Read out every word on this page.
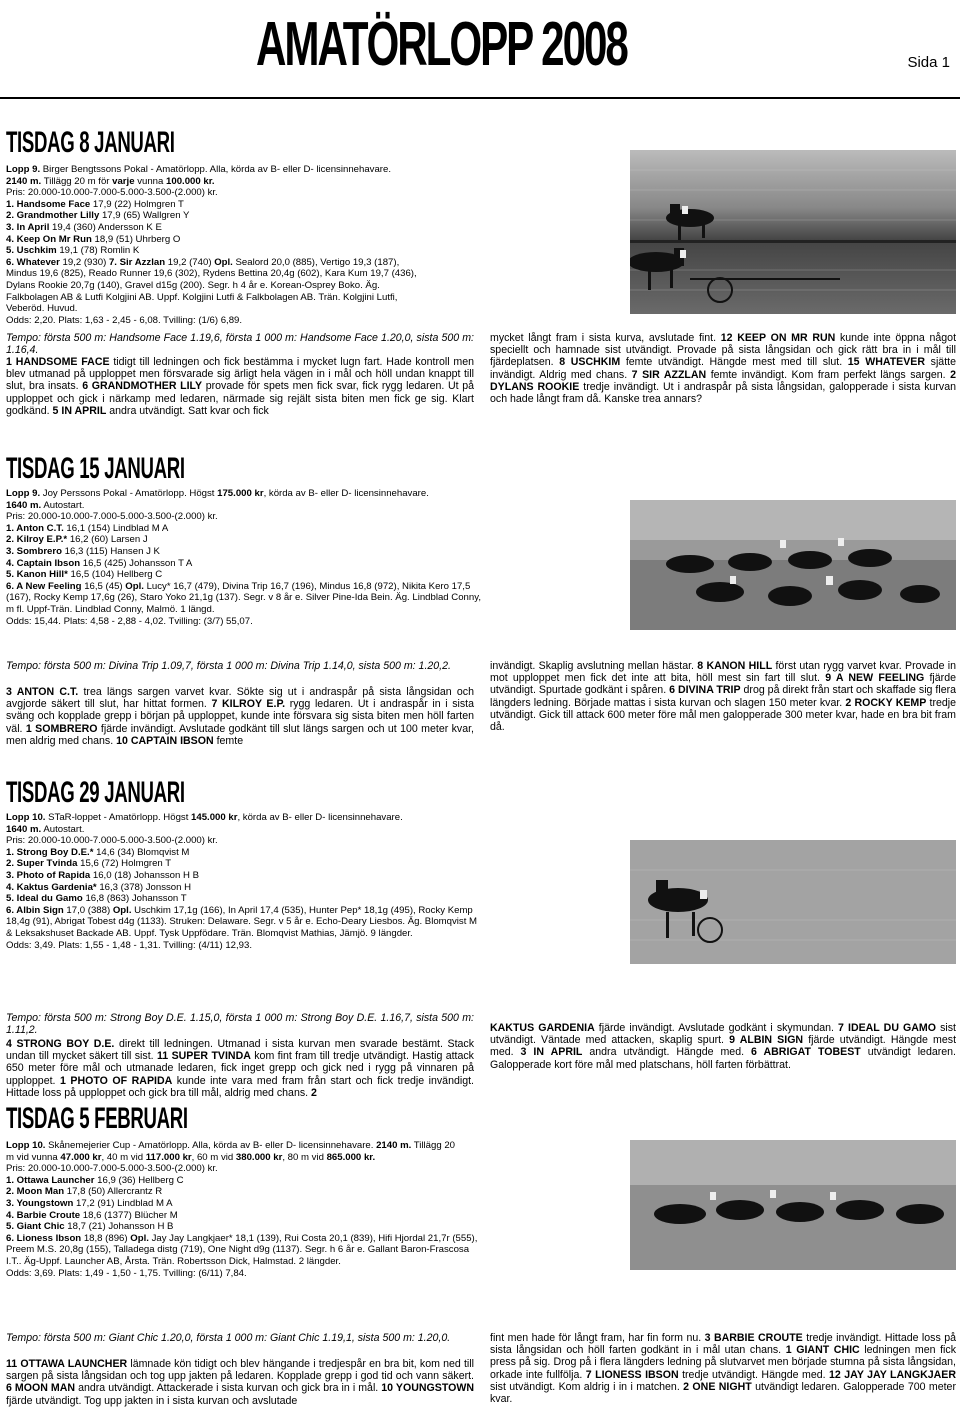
AMATÖRLOPP 2008	Sida 1
TISDAG 8 JANUARI
Lopp 9. Birger Bengtssons Pokal - Amatörlopp. Alla, körda av B- eller D- licensinnehavare.
2140 m. Tillägg 20 m för varje vunna 100.000 kr.
Pris: 20.000-10.000-7.000-5.000-3.500-(2.000) kr.
1. Handsome Face 17,9 (22) Holmgren T
2. Grandmother Lilly 17,9 (65) Wallgren Y
3. In April 19,4 (360) Andersson K E
4. Keep On Mr Run 18,9 (51) Uhrberg O
5. Uschkim 19,1 (78) Romlin K
6. Whatever 19,2 (930) 7. Sir Azzlan 19,2 (740) Opl. Sealord 20,0 (885), Vertigo 19,3 (187),
Mindus 19,6 (825), Reado Runner 19,6 (302), Rydens Bettina 20,4g (602), Kara Kum 19,7 (436),
Dylans Rookie 20,7g (140), Gravel d15g (200). Segr. h 4 år e. Korean-Osprey Boko. Äg.
Falkbolagen AB & Lutfi Kolgjini AB. Uppf. Kolgjini Lutfi & Falkbolagen AB. Trän. Kolgjini Lutfi,
Veberöd. Huvud.
Odds: 2,20. Plats: 1,63 - 2,45 - 6,08. Tvilling: (1/6) 6,89.
Tempo: första 500 m: Handsome Face 1.19,6, första 1 000 m: Handsome Face 1.20,0, sista 500 m: 1.16,4.
1 HANDSOME FACE tidigt till ledningen och fick bestämma i mycket lugn fart. Hade kontroll men blev utmanad på upploppet men försvarade sig ärligt hela vägen in i mål och höll undan knappt till slut, bra insats. 6 GRANDMOTHER LILY provade för spets men fick svar, fick rygg ledaren. Ut på upploppet och gick i närkamp med ledaren, närmade sig rejält sista biten men fick ge sig. Klart godkänd. 5 IN APRIL andra utvändigt. Satt kvar och fick
mycket långt fram i sista kurva, avslutade fint. 12 KEEP ON MR RUN kunde inte öppna något speciellt och hamnade sist utvändigt. Provade på sista långsidan och gick rätt bra in i mål till fjärdeplatsen. 8 USCHKIM femte utvändigt. Hängde mest med till slut. 15 WHATEVER sjätte invändigt. Aldrig med chans. 7 SIR AZZLAN femte invändigt. Kom fram perfekt längs sargen. 2 DYLANS ROOKIE tredje invändigt. Ut i andraspår på sista långsidan, galopperade i sista kurvan och hade långt fram då. Kanske trea annars?
TISDAG 15 JANUARI
Lopp 9. Joy Perssons Pokal - Amatörlopp. Högst 175.000 kr, körda av B- eller D- licensinnehavare.
1640 m. Autostart.
Pris: 20.000-10.000-7.000-5.000-3.500-(2.000) kr.
1. Anton C.T. 16,1 (154) Lindblad M A
2. Kilroy E.P.* 16,2 (60) Larsen J
3. Sombrero 16,3 (115) Hansen J K
4. Captain Ibson 16,5 (425) Johansson T A
5. Kanon Hill* 16,5 (104) Hellberg C
6. A New Feeling 16,5 (45) Opl. Lucy* 16,7 (479), Divina Trip 16,7 (196), Mindus 16,8 (972), Nikita Kero 17,5
(167), Rocky Kemp 17,6g (26), Staro Yoko 21,1g (137). Segr. v 8 år e. Silver Pine-Ida Bein. Äg. Lindblad Conny,
m fl. Uppf-Trän. Lindblad Conny, Malmö. 1 längd.
Odds: 15,44. Plats: 4,58 - 2,88 - 4,02. Tvilling: (3/7) 55,07.
Tempo: första 500 m: Divina Trip 1.09,7, första 1 000 m: Divina Trip 1.14,0, sista 500 m: 1.20,2.
3 ANTON C.T. trea längs sargen varvet kvar. Sökte sig ut i andraspår på sista långsidan och avgjorde säkert till slut, har hittat formen. 7 KILROY E.P. rygg ledaren. Ut i andraspår in i sista sväng och kopplade grepp i början på upploppet, kunde inte försvara sig sista biten men höll farten väl. 1 SOMBRERO fjärde invändigt. Avslutade godkänt till slut längs sargen och ut 100 meter kvar, men aldrig med chans. 10 CAPTAIN IBSON femte
invändigt. Skaplig avslutning mellan hästar. 8 KANON HILL först utan rygg varvet kvar. Provade in mot upploppet men fick det inte att bita, höll mest sin fart till slut. 9 A NEW FEELING fjärde utvändigt. Spurtade godkänt i spåren. 6 DIVINA TRIP drog på direkt från start och skaffade sig flera längders ledning. Började mattas i sista kurvan och slagen 150 meter kvar. 2 ROCKY KEMP tredje utvändigt. Gick till attack 600 meter före mål men galopperade 300 meter kvar, hade en bra bit fram då.
TISDAG 29 JANUARI
Lopp 10. STaR-loppet - Amatörlopp. Högst 145.000 kr, körda av B- eller D- licensinnehavare.
1640 m. Autostart.
Pris: 20.000-10.000-7.000-5.000-3.500-(2.000) kr.
1. Strong Boy D.E.* 14,6 (34) Blomqvist M
2. Super Tvinda 15,6 (72) Holmgren T
3. Photo of Rapida 16,0 (18) Johansson H B
4. Kaktus Gardenia* 16,3 (378) Jonsson H
5. Ideal du Gamo 16,8 (863) Johansson T
6. Albin Sign 17,0 (388) Opl. Uschkim 17,1g (166), In April 17,4 (535), Hunter Pep* 18,1g (495), Rocky Kemp
18,4g (91), Abrigat Tobest d4g (1133). Struken: Delaware. Segr. v 5 år e. Echo-Deary Liesbos. Äg. Blomqvist M
& Leksakshuset Backade AB. Uppf. Tysk Uppfödare. Trän. Blomqvist Mathias, Jämjö. 9 längder.
Odds: 3,49. Plats: 1,55 - 1,48 - 1,31. Tvilling: (4/11) 12,93.
Tempo: första 500 m: Strong Boy D.E. 1.15,0, första 1 000 m: Strong Boy D.E. 1.16,7, sista 500 m: 1.11,2.
4 STRONG BOY D.E. direkt till ledningen. Utmanad i sista kurvan men svarade bestämt. Stack undan till mycket säkert till sist. 11 SUPER TVINDA kom fint fram till tredje utvändigt. Hastig attack 650 meter före mål och utmanade ledaren, fick inget grepp och gick ned i rygg på vinnaren på upploppet. 1 PHOTO OF RAPIDA kunde inte vara med fram från start och fick tredje invändigt. Hittade loss på upploppet och gick bra till mål, aldrig med chans. 2
KAKTUS GARDENIA fjärde invändigt. Avslutade godkänt i skymundan. 7 IDEAL DU GAMO sist utvändigt. Väntade med attacken, skaplig spurt. 9 ALBIN SIGN fjärde utvändigt. Hängde mest med. 3 IN APRIL andra utvändigt. Hängde med. 6 ABRIGAT TOBEST utvändigt ledaren. Galopperade kort före mål med platschans, höll farten förbättrat.
TISDAG 5 FEBRUARI
Lopp 10. Skånemejerier Cup - Amatörlopp. Alla, körda av B- eller D- licensinnehavare. 2140 m. Tillägg 20
m vid vunna 47.000 kr, 40 m vid 117.000 kr, 60 m vid 380.000 kr, 80 m vid 865.000 kr.
Pris: 20.000-10.000-7.000-5.000-3.500-(2.000) kr.
1. Ottawa Launcher 16,9 (36) Hellberg C
2. Moon Man 17,8 (50) Allercrantz R
3. Youngstown 17,2 (91) Lindblad M A
4. Barbie Croute 18,6 (1377) Blücher M
5. Giant Chic 18,7 (21) Johansson H B
6. Lioness Ibson 18,8 (896) Opl. Jay Jay Langkjaer* 18,1 (139), Rui Costa 20,1 (839), Hifi Hjordal 21,7r (555),
Preem M.S. 20,8g (155), Talladega distg (719), One Night d9g (1137). Segr. h 6 år e. Gallant Baron-Frascosa
I.T.. Äg-Uppf. Launcher AB, Årsta. Trän. Robertsson Dick, Halmstad. 2 längder.
Odds: 3,69. Plats: 1,49 - 1,50 - 1,75. Tvilling: (6/11) 7,84.
Tempo: första 500 m: Giant Chic 1.20,0, första 1 000 m: Giant Chic 1.19,1, sista 500 m: 1.20,0.
11 OTTAWA LAUNCHER lämnade kön tidigt och blev hängande i tredjespår en bra bit, kom ned till sargen på sista långsidan och tog upp jakten på ledaren. Kopplade grepp i god tid och vann säkert. 6 MOON MAN andra utvändigt. Attackerade i sista kurvan och gick bra in i mål. 10 YOUNGSTOWN fjärde utvändigt. Tog upp jakten in i sista kurvan och avslutade
fint men hade för långt fram, har fin form nu. 3 BARBIE CROUTE tredje invändigt. Hittade loss på sista långsidan och höll farten godkänt in i mål utan chans. 1 GIANT CHIC ledningen men fick press på sig. Drog på i flera längders ledning på slutvarvet men började stumna på sista långsidan, orkade inte fullfölja. 7 LIONESS IBSON tredje utvändigt. Hängde med. 12 JAY JAY LANGKJAER sist utvändigt. Kom aldrig i in i matchen. 2 ONE NIGHT utvändigt ledaren. Galopperade 700 meter kvar.
